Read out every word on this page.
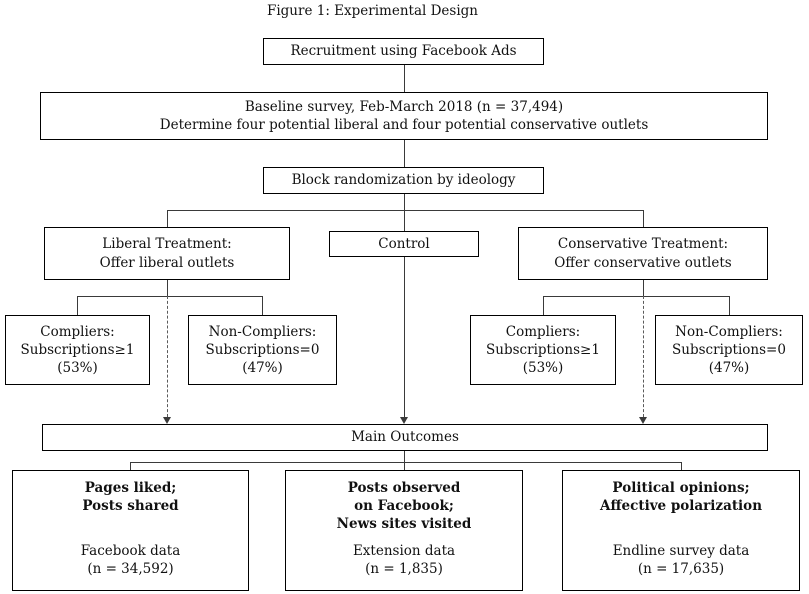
Figure 1: Experimental Design
Recruitment using Facebook Ads
Baseline survey, Feb-March 2018 (n = 37,494)
Determine four potential liberal and four potential conservative outlets
Block randomization by ideology
Liberal Treatment:
Offer liberal outlets
Control	Conservative Treatment:
Offer conservative outlets
Compliers:
Subscriptions≥1
(53%)
Non-Compliers:
Subscriptions=0
(47%)
Compliers:
Subscriptions≥1
(53%)
Non-Compliers:
Subscriptions=0
(47%)
Main Outcomes
Pages liked;
Posts shared
Facebook data
(n = 34,592)
Posts observed
on Facebook;
News sites visited
Extension data
(n = 1,835)
Political opinions;
Affective polarization
Endline survey data
(n = 17,635)
